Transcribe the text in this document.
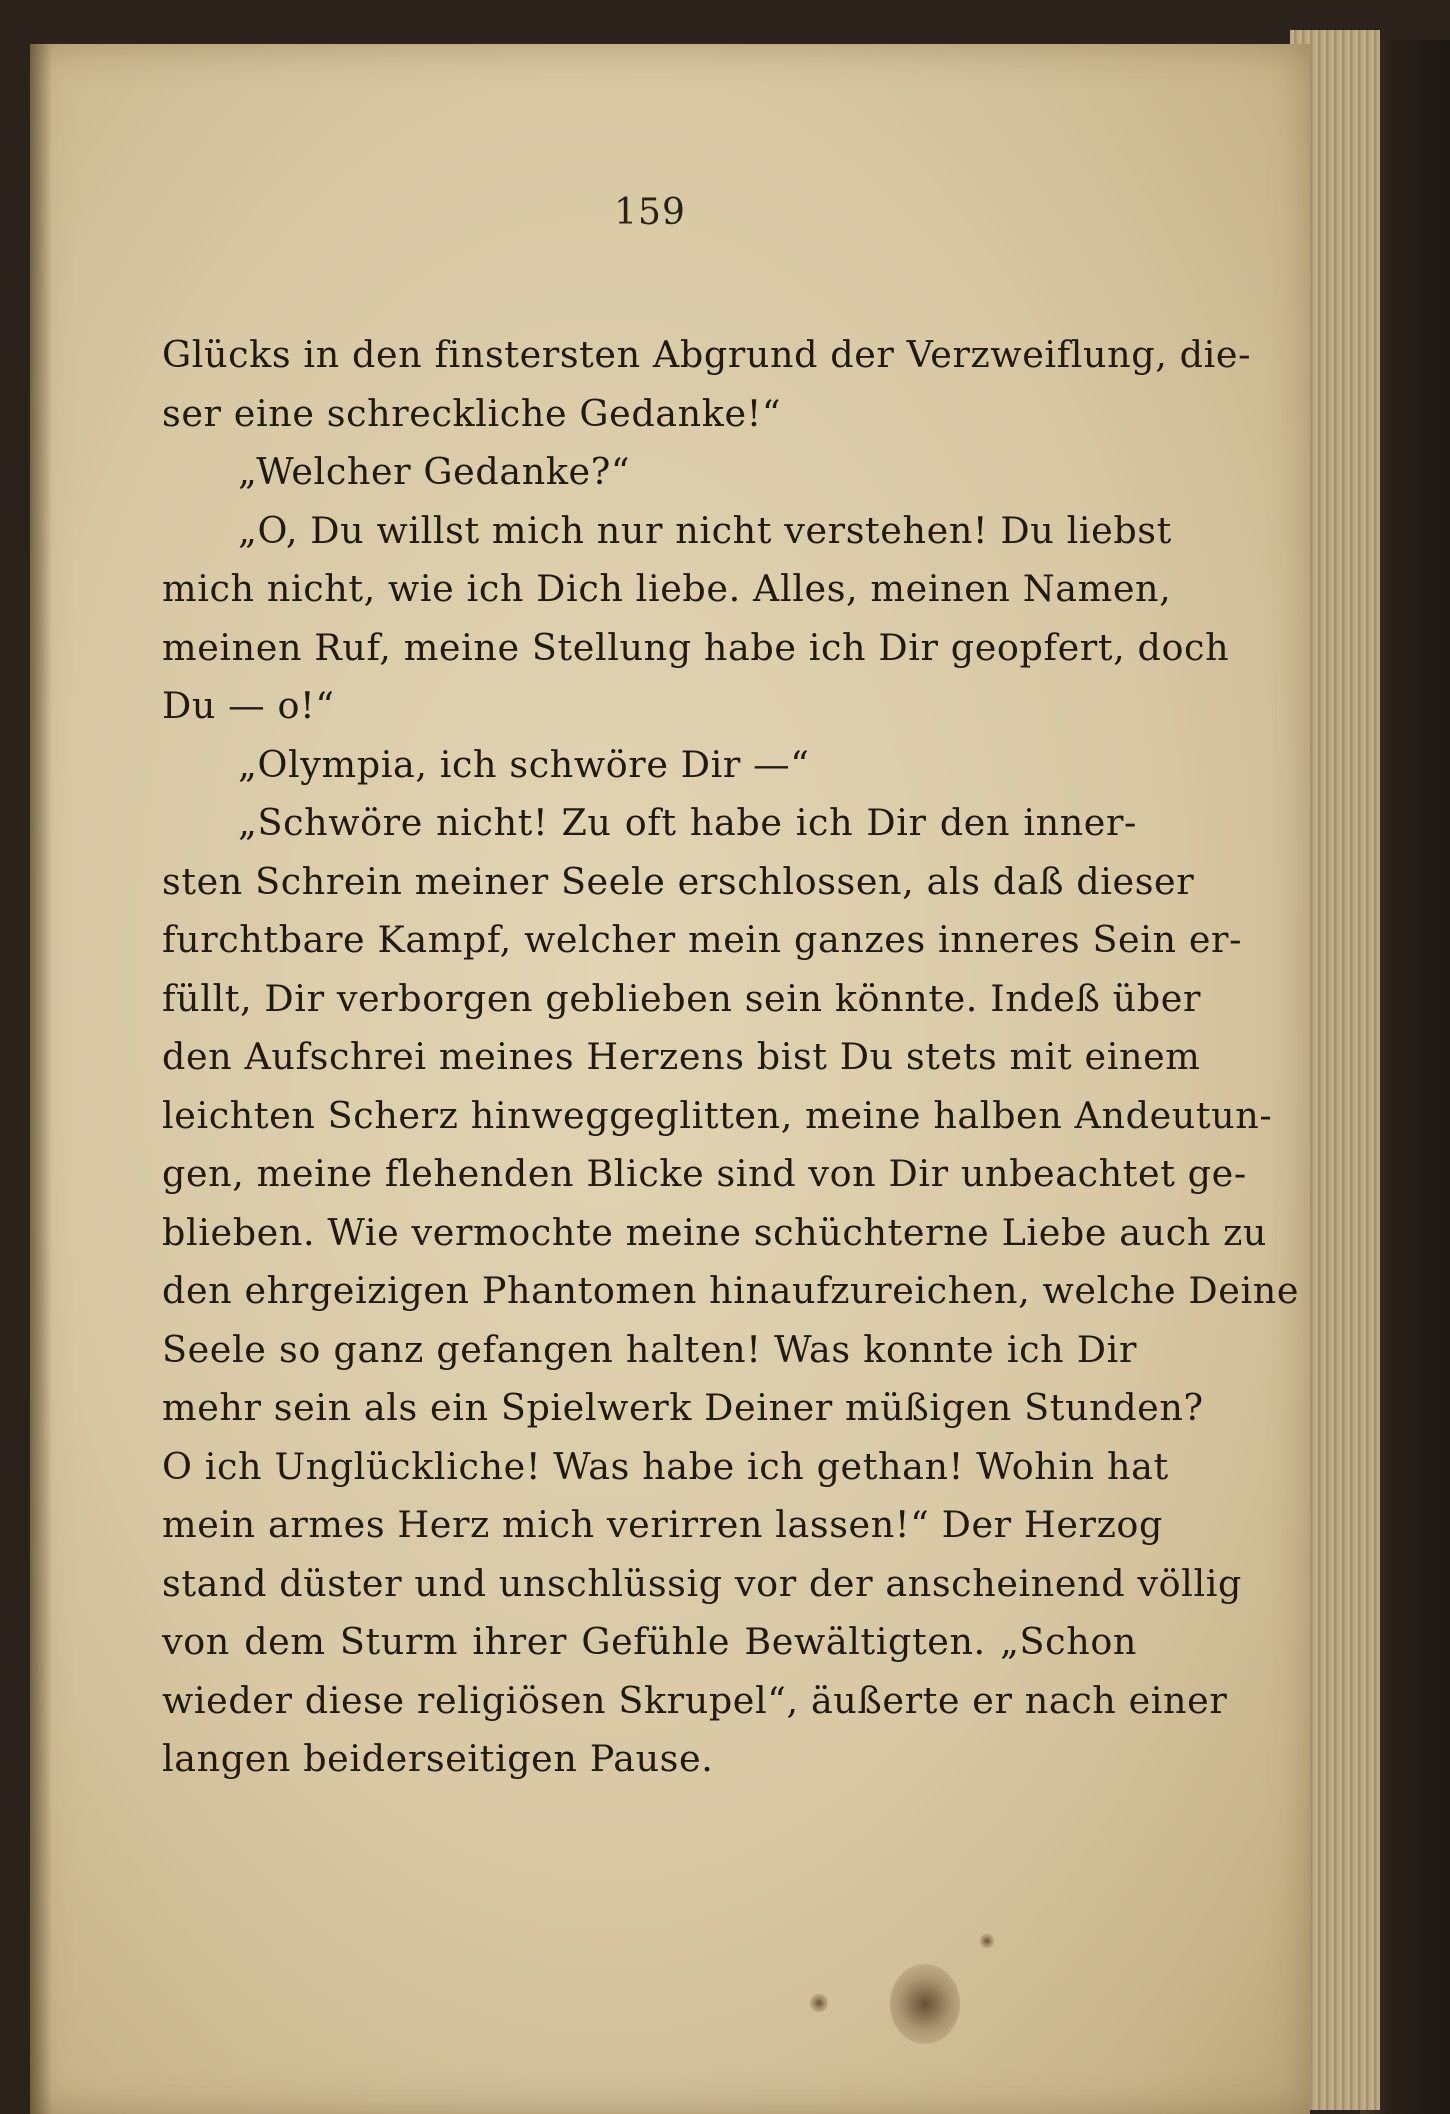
159
Glücks in den finstersten Abgrund der Verzweiflung, die-
ser eine schreckliche Gedanke!“
„Welcher Gedanke?“
„O, Du willst mich nur nicht verstehen! Du liebst
mich nicht, wie ich Dich liebe. Alles, meinen Namen,
meinen Ruf, meine Stellung habe ich Dir geopfert, doch
Du — o!“
„Olympia, ich schwöre Dir —“
„Schwöre nicht! Zu oft habe ich Dir den inner-
sten Schrein meiner Seele erschlossen, als daß dieser
furchtbare Kampf, welcher mein ganzes inneres Sein er-
füllt, Dir verborgen geblieben sein könnte. Indeß über
den Aufschrei meines Herzens bist Du stets mit einem
leichten Scherz hinweggeglitten, meine halben Andeutun-
gen, meine flehenden Blicke sind von Dir unbeachtet ge-
blieben. Wie vermochte meine schüchterne Liebe auch zu
den ehrgeizigen Phantomen hinaufzureichen, welche Deine
Seele so ganz gefangen halten! Was konnte ich Dir
mehr sein als ein Spielwerk Deiner müßigen Stunden?
O ich Unglückliche! Was habe ich gethan! Wohin hat
mein armes Herz mich verirren lassen!“ Der Herzog
stand düster und unschlüssig vor der anscheinend völlig
von dem Sturm ihrer Gefühle Bewältigten. „Schon
wieder diese religiösen Skrupel“, äußerte er nach einer
langen beiderseitigen Pause.
